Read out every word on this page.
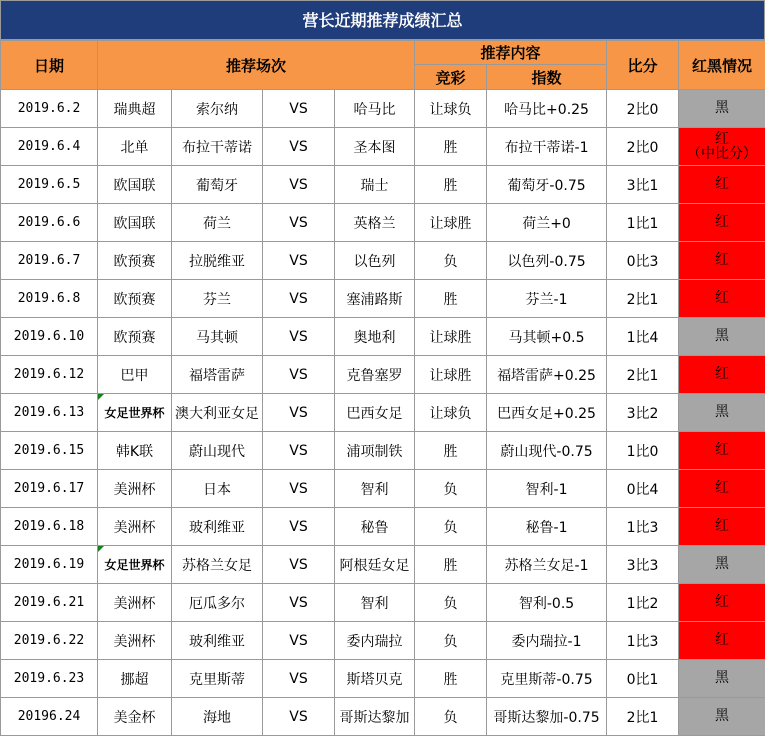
营长近期推荐成绩汇总
日期	推荐场次				推荐内容		比分	红黑情况
					竞彩	指数		
2019.6.2	瑞典超	索尔纳	VS	哈马比	让球负	哈马比+0.25	2比0	黑

2019.6.4	北单	布拉干蒂诺	VS	圣本图	胜	布拉干蒂诺-1	2比0	红
（中比分）

2019.6.5	欧国联	葡萄牙	VS	瑞士	胜	葡萄牙-0.75	3比1	红

2019.6.6	欧国联	荷兰	VS	英格兰	让球胜	荷兰+0	1比1	红

2019.6.7	欧预赛	拉脱维亚	VS	以色列	负	以色列-0.75	0比3	红

2019.6.8	欧预赛	芬兰	VS	塞浦路斯	胜	芬兰-1	2比1	红

2019.6.10	欧预赛	马其顿	VS	奥地利	让球胜	马其顿+0.5	1比4	黑

2019.6.12	巴甲	福塔雷萨	VS	克鲁塞罗	让球胜	福塔雷萨+0.25	2比1	红

2019.6.13	女足世界杯	澳大利亚女足	VS	巴西女足	让球负	巴西女足+0.25	3比2	黑

2019.6.15	韩K联	蔚山现代	VS	浦项制铁	胜	蔚山现代-0.75	1比0	红

2019.6.17	美洲杯	日本	VS	智利	负	智利-1	0比4	红

2019.6.18	美洲杯	玻利维亚	VS	秘鲁	负	秘鲁-1	1比3	红

2019.6.19	女足世界杯	苏格兰女足	VS	阿根廷女足	胜	苏格兰女足-1	3比3	黑

2019.6.21	美洲杯	厄瓜多尔	VS	智利	负	智利-0.5	1比2	红

2019.6.22	美洲杯	玻利维亚	VS	委内瑞拉	负	委内瑞拉-1	1比3	红

2019.6.23	挪超	克里斯蒂	VS	斯塔贝克	胜	克里斯蒂-0.75	0比1	黑

20196.24	美金杯	海地	VS	哥斯达黎加	负	哥斯达黎加-0.75	2比1	黑
